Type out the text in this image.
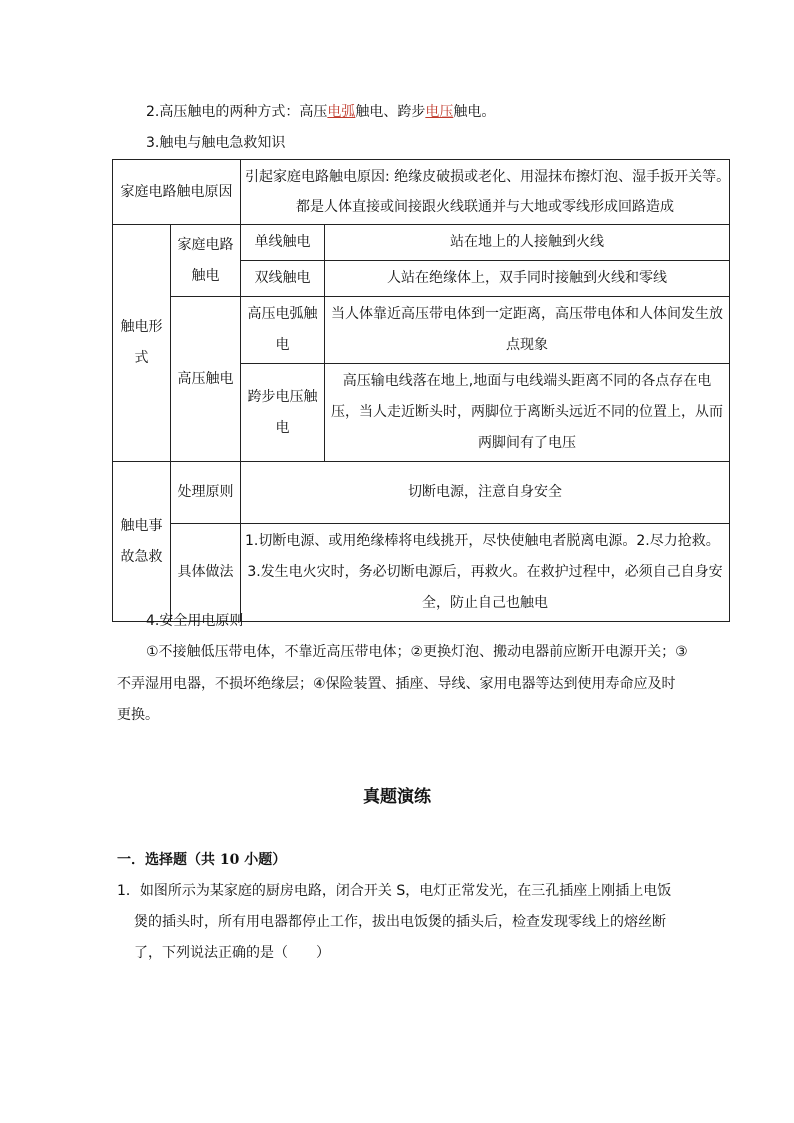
2.高压触电的两种方式：高压电弧触电、跨步电压触电。
3.触电与触电急救知识
家庭电路触电原因		引起家庭电路触电原因: 绝缘皮破损或老化、用湿抹布擦灯泡、湿手扳开关等。
都是人体直接或间接跟火线联通并与大地或零线形成回路造成	

触电形式	家庭电路触电	单线触电	站在地上的人接触到火线
		双线触电	人站在绝缘体上，双手同时接触到火线和零线
	高压触电	高压电弧触电	当人体靠近高压带电体到一定距离，高压带电体和人体间发生放点现象
		跨步电压触电	高压输电线落在地上,地面与电线端头距离不同的各点存在电压，当人走近断头时，两脚位于离断头远近不同的位置上，从而两脚间有了电压
触电事故急救	处理原则	切断电源，注意自身安全	
	具体做法	1.切断电源、或用绝缘棒将电线挑开，尽快使触电者脱离电源。2.尽力抢救。
3.发生电火灾时，务必切断电源后，再救火。在救护过程中，必须自己自身安全，防止自己也触电	
4.安全用电原则
①不接触低压带电体，不靠近高压带电体；②更换灯泡、搬动电器前应断开电源开关；③
不弄湿用电器，不损坏绝缘层；④保险装置、插座、导线、家用电器等达到使用寿命应及时
更换。
真题演练
一．选择题（共 10 小题）
1．如图所示为某家庭的厨房电路，闭合开关 S，电灯正常发光，在三孔插座上刚插上电饭
煲的插头时，所有用电器都停止工作，拔出电饭煲的插头后，检查发现零线上的熔丝断
了，下列说法正确的是（　　）
